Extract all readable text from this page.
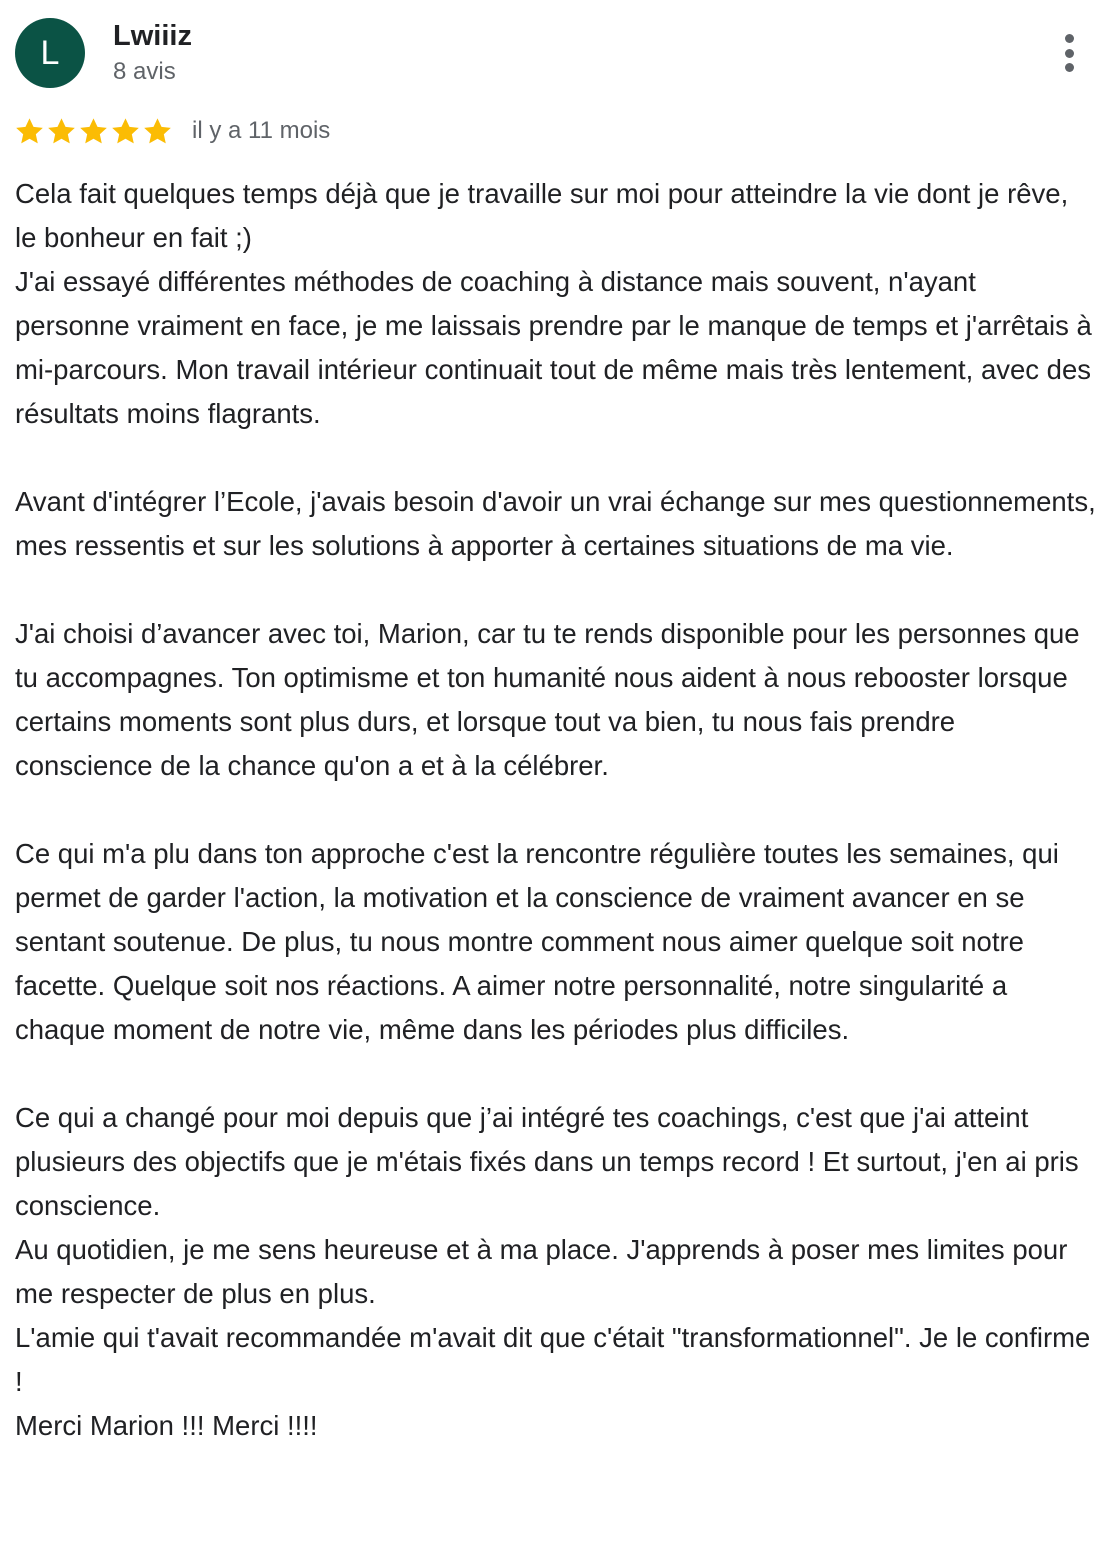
L Lwiiiz
8 avis
il y a 11 mois

Cela fait quelques temps déjà que je travaille sur moi pour atteindre la vie dont je rêve, le bonheur en fait ;)

J'ai essayé différentes méthodes de coaching à distance mais souvent, n'ayant personne vraiment en face, je me laissais prendre par le manque de temps et j'arrêtais à mi-parcours. Mon travail intérieur continuait tout de même mais très lentement, avec des résultats moins flagrants.

Avant d'intégrer l’Ecole, j'avais besoin d'avoir un vrai échange sur mes questionnements, mes ressentis et sur les solutions à apporter à certaines situations de ma vie.

J'ai choisi d’avancer avec toi, Marion, car tu te rends disponible pour les personnes que tu accompagnes. Ton optimisme et ton humanité nous aident à nous rebooster lorsque certains moments sont plus durs, et lorsque tout va bien, tu nous fais prendre conscience de la chance qu'on a et à la célébrer.

Ce qui m'a plu dans ton approche c'est la rencontre régulière toutes les semaines, qui permet de garder l'action, la motivation et la conscience de vraiment avancer en se sentant soutenue. De plus, tu nous montre comment nous aimer quelque soit notre facette. Quelque soit nos réactions. A aimer notre personnalité, notre singularité a chaque moment de notre vie, même dans les périodes plus difficiles.

Ce qui a changé pour moi depuis que j’ai intégré tes coachings, c'est que j'ai atteint plusieurs des objectifs que je m'étais fixés dans un temps record ! Et surtout, j'en ai pris conscience.

Au quotidien, je me sens heureuse et à ma place. J'apprends à poser mes limites pour me respecter de plus en plus.

L'amie qui t'avait recommandée m'avait dit que c'était "transformationnel". Je le confirme !

Merci Marion !!! Merci !!!!
